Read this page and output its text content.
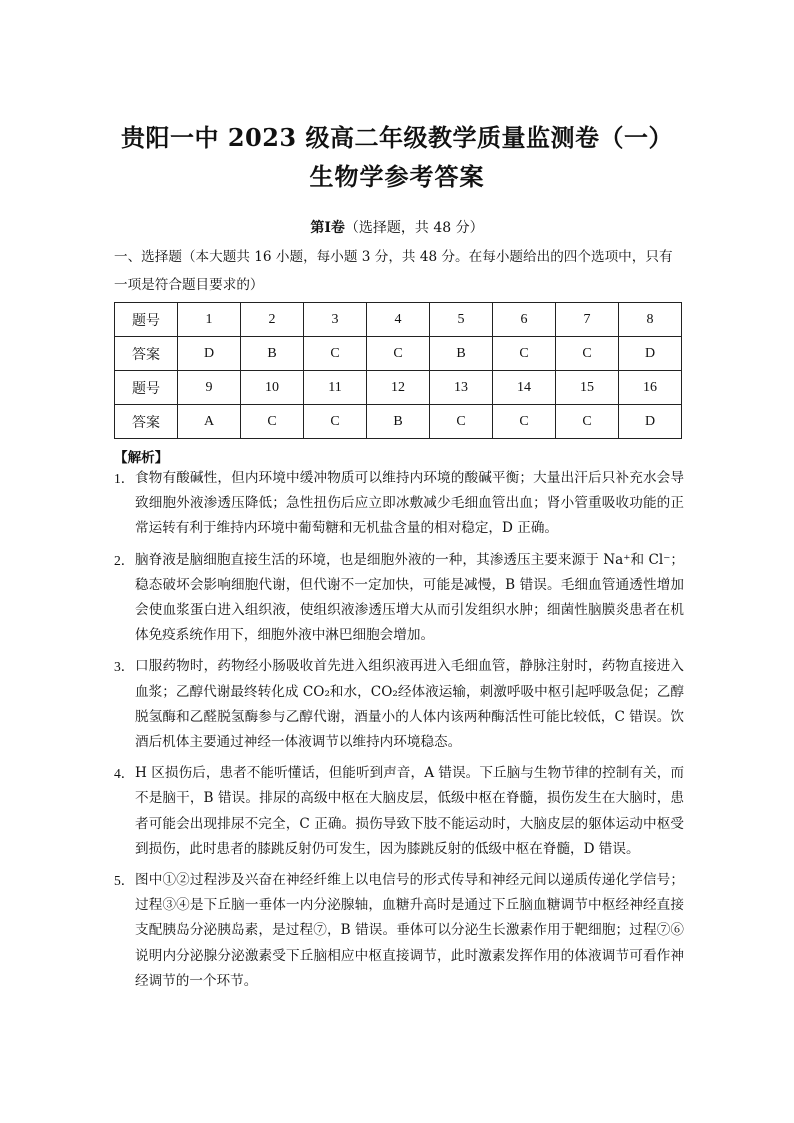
贵阳一中 2023 级高二年级教学质量监测卷（一）
生物学参考答案
第Ⅰ卷（选择题，共 48 分）
一、选择题（本大题共 16 小题，每小题 3 分，共 48 分。在每小题给出的四个选项中，只有一项是符合题目要求的）
题号	1	2	3	4	5	6	7	8
答案	D	B	C	C	B	C	C	D
题号	9	10	11	12	13	14	15	16
答案	A	C	C	B	C	C	C	D
【解析】
1． 食物有酸碱性，但内环境中缓冲物质可以维持内环境的酸碱平衡；大量出汗后只补充水会导致细胞外液渗透压降低；急性扭伤后应立即冰敷减少毛细血管出血；肾小管重吸收功能的正常运转有利于维持内环境中葡萄糖和无机盐含量的相对稳定，D 正确。
2． 脑脊液是脑细胞直接生活的环境，也是细胞外液的一种，其渗透压主要来源于 Na⁺和 Cl⁻；稳态破坏会影响细胞代谢，但代谢不一定加快，可能是减慢，B 错误。毛细血管通透性增加会使血浆蛋白进入组织液，使组织液渗透压增大从而引发组织水肿；细菌性脑膜炎患者在机体免疫系统作用下，细胞外液中淋巴细胞会增加。
3． 口服药物时，药物经小肠吸收首先进入组织液再进入毛细血管，静脉注射时，药物直接进入血浆；乙醇代谢最终转化成 CO₂和水，CO₂经体液运输，刺激呼吸中枢引起呼吸急促；乙醇脱氢酶和乙醛脱氢酶参与乙醇代谢，酒量小的人体内该两种酶活性可能比较低，C 错误。饮酒后机体主要通过神经一体液调节以维持内环境稳态。
4． H 区损伤后，患者不能听懂话，但能听到声音，A 错误。下丘脑与生物节律的控制有关，而不是脑干，B 错误。排尿的高级中枢在大脑皮层，低级中枢在脊髓，损伤发生在大脑时，患者可能会出现排尿不完全，C 正确。损伤导致下肢不能运动时，大脑皮层的躯体运动中枢受到损伤，此时患者的膝跳反射仍可发生，因为膝跳反射的低级中枢在脊髓，D 错误。
5． 图中①②过程涉及兴奋在神经纤维上以电信号的形式传导和神经元间以递质传递化学信号；过程③④是下丘脑一垂体一内分泌腺轴，血糖升高时是通过下丘脑血糖调节中枢经神经直接支配胰岛分泌胰岛素，是过程⑦，B 错误。垂体可以分泌生长激素作用于靶细胞；过程⑦⑥说明内分泌腺分泌激素受下丘脑相应中枢直接调节，此时激素发挥作用的体液调节可看作神经调节的一个环节。
